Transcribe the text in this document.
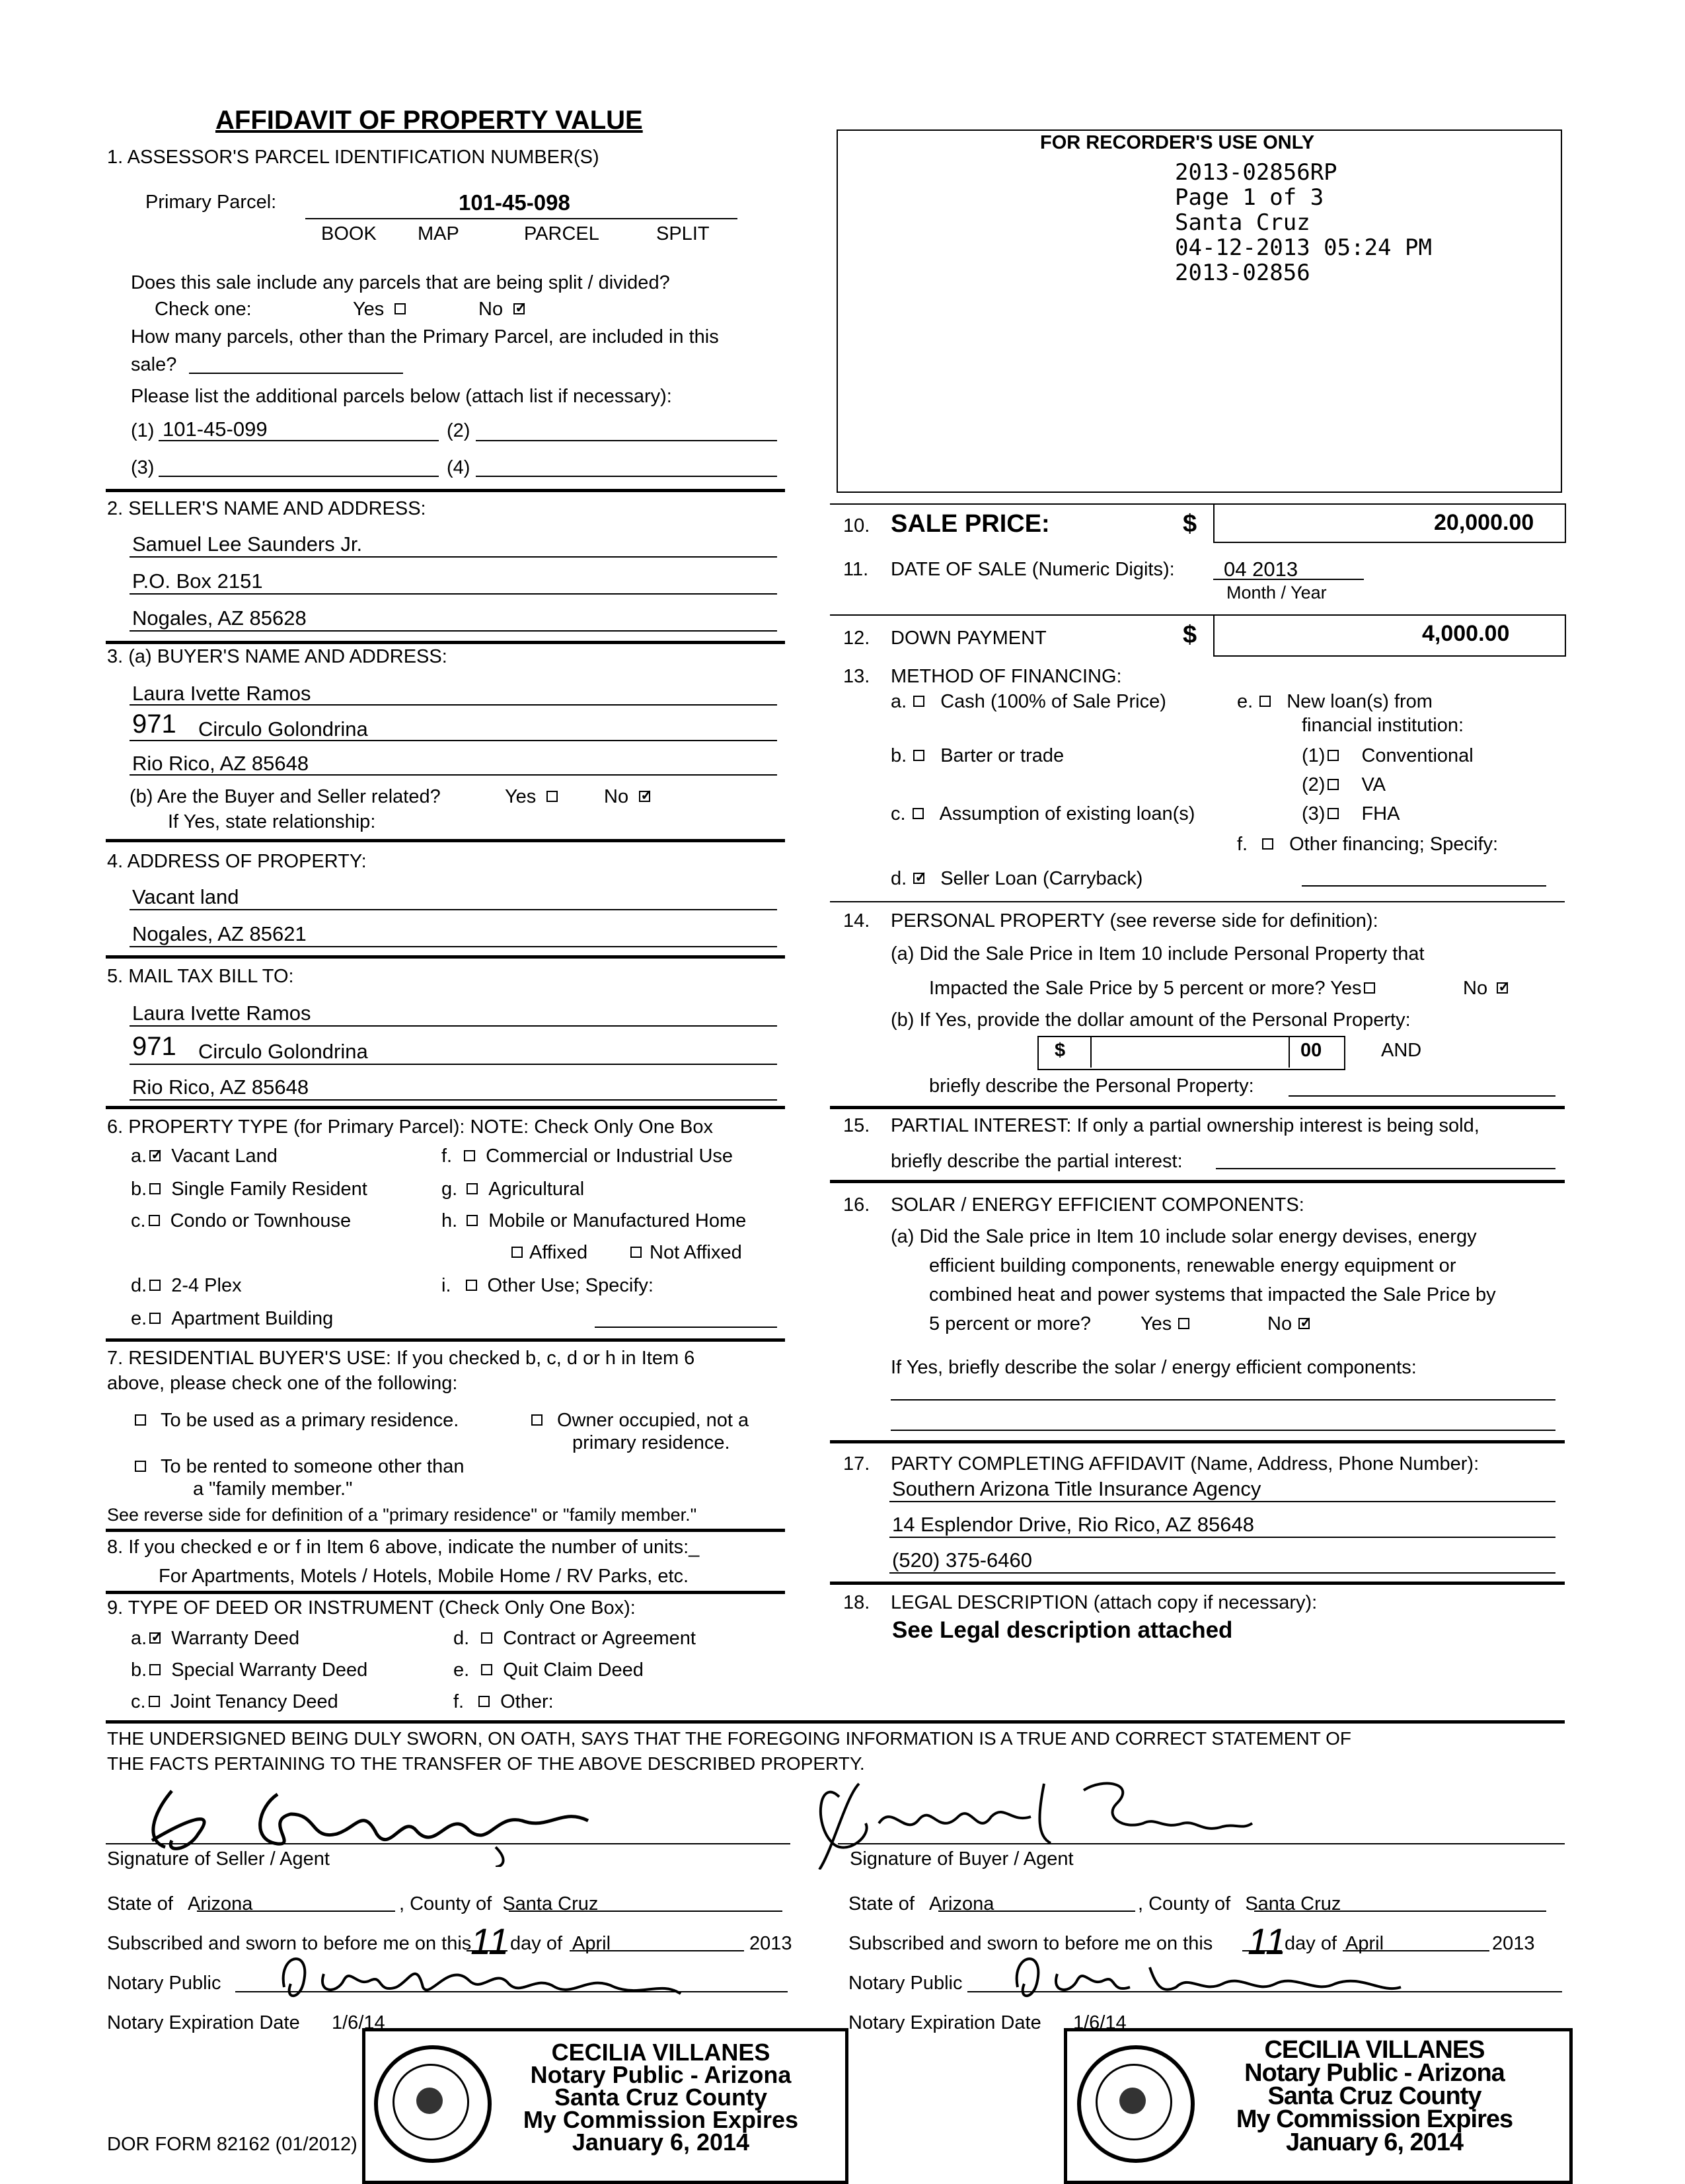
AFFIDAVIT OF PROPERTY VALUE
1. ASSESSOR'S PARCEL IDENTIFICATION NUMBER(S)
Primary Parcel:	101-45-098
BOOK MAP	PARCEL	SPLIT
Does this sale include any parcels that are being split / divided?
Check one:	Yes	No✓
How many parcels, other than the Primary Parcel, are included in this
sale?
Please list the additional parcels below (attach list if necessary):
(1) 101-45-099	(2)
(3)	(4)
FOR RECORDER'S USE ONLY
2013-02856RP
Page 1 of 3
Santa Cruz
04-12-2013 05:24 PM
2013-02856
2. SELLER'S NAME AND ADDRESS:
Samuel Lee Saunders Jr.
P.O. Box 2151
Nogales, AZ 85628
3. (a) BUYER'S NAME AND ADDRESS:
Laura Ivette Ramos
971 Circulo Golondrina
Rio Rico, AZ 85648
(b) Are the Buyer and Seller related?	Yes	No✓
If Yes, state relationship:
4. ADDRESS OF PROPERTY:
Vacant land
Nogales, AZ 85621
5. MAIL TAX BILL TO:
Laura Ivette Ramos
971 Circulo Golondrina
Rio Rico, AZ 85648
6. PROPERTY TYPE (for Primary Parcel): NOTE: Check Only One Box
a. ✓ Vacant Land
b. Single Family Resident
c. Condo or Townhouse
d. 2-4 Plex
e. Apartment Building
f. Commercial or Industrial Use
g. Agricultural
h. Mobile or Manufactured Home
Affixed	Not Affixed
i. Other Use; Specify:
7. RESIDENTIAL BUYER'S USE: If you checked b, c, d or h in Item 6
above, please check one of the following:
To be used as a primary residence.	Owner occupied, not a
primary residence.
To be rented to someone other than
a "family member."
See reverse side for definition of a "primary residence" or "family member."
8. If you checked e or f in Item 6 above, indicate the number of units:_
For Apartments, Motels / Hotels, Mobile Home / RV Parks, etc.
9. TYPE OF DEED OR INSTRUMENT (Check Only One Box):
a. ✓ Warranty Deed
b. Special Warranty Deed
c. Joint Tenancy Deed
d. Contract or Agreement
e. Quit Claim Deed
f. Other:
10. SALE PRICE:	$	20,000.00
11. DATE OF SALE (Numeric Digits): 04 2013
Month / Year
12. DOWN PAYMENT	$	4,000.00
13. METHOD OF FINANCING:
a. Cash (100% of Sale Price)
b. Barter or trade
c. Assumption of existing loan(s)
d. ✓ Seller Loan (Carryback)
e. New loan(s) from
financial institution:
(1) Conventional
(2) VA
(3) FHA
f. Other financing; Specify:
14. PERSONAL PROPERTY (see reverse side for definition):
(a) Did the Sale Price in Item 10 include Personal Property that
Impacted the Sale Price by 5 percent or more? Yes	No✓
(b) If Yes, provide the dollar amount of the Personal Property:
$	00	AND
briefly describe the Personal Property:
15. PARTIAL INTEREST: If only a partial ownership interest is being sold,
briefly describe the partial interest:
16. SOLAR / ENERGY EFFICIENT COMPONENTS:
(a) Did the Sale price in Item 10 include solar energy devises, energy
efficient building components, renewable energy equipment or
combined heat and power systems that impacted the Sale Price by
5 percent or more?	Yes	No✓
If Yes, briefly describe the solar / energy efficient components:
17. PARTY COMPLETING AFFIDAVIT (Name, Address, Phone Number):
Southern Arizona Title Insurance Agency
14 Esplendor Drive, Rio Rico, AZ 85648
(520) 375-6460
18. LEGAL DESCRIPTION (attach copy if necessary):
See Legal description attached
THE UNDERSIGNED BEING DULY SWORN, ON OATH, SAYS THAT THE FOREGOING INFORMATION IS A TRUE AND CORRECT STATEMENT OF
THE FACTS PERTAINING TO THE TRANSFER OF THE ABOVE DESCRIBED PROPERTY.
Signature of Seller / Agent
State of Arizona	, County of Santa Cruz
Subscribed and sworn to before me on this
11 day of April	2013
Notary Public
Notary Expiration Date 1/6/14
Signature of Buyer / Agent
State of Arizona	, County of Santa Cruz
Subscribed and sworn to before me on this 11
day of April	2013
Notary Public
Notary Expiration Date 1/6/14
CECILIA VILLANES
Notary Public - Arizona
Santa Cruz County
My Commission Expires
January 6, 2014
CECILIA VILLANES
Notary Public - Arizona
Santa Cruz County
My Commission Expires
January 6, 2014
DOR FORM 82162 (01/2012)
